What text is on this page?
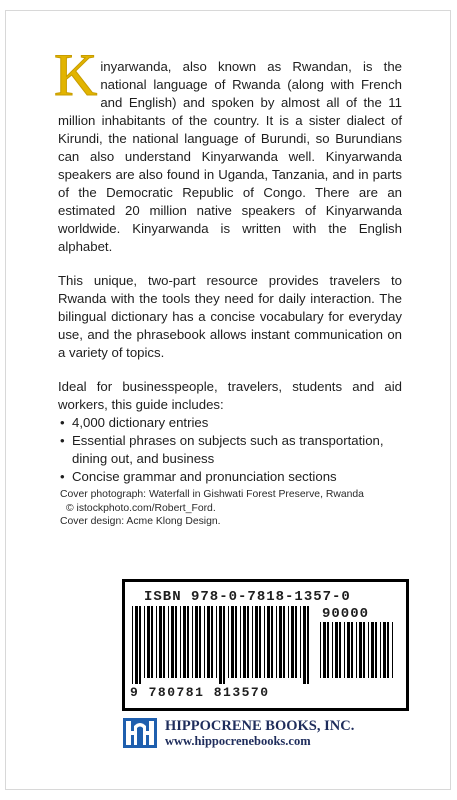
Kinyarwanda, also known as Rwandan, is the national language of Rwanda (along with French and English) and spoken by almost all of the 11 million inhabitants of the country. It is a sister dialect of Kirundi, the national language of Burundi, so Burundians can also understand Kinyarwanda well. Kinyarwanda speakers are also found in Uganda, Tanzania, and in parts of the Democratic Republic of Congo. There are an estimated 20 million native speakers of Kinyarwanda worldwide. Kinyarwanda is written with the English alphabet.

This unique, two-part resource provides travelers to Rwanda with the tools they need for daily interaction. The bilingual dictionary has a concise vocabulary for everyday use, and the phrasebook allows instant communication on a variety of topics.

Ideal for businesspeople, travelers, students and aid workers, this guide includes:

• 4,000 dictionary entries
• Essential phrases on subjects such as transportation, dining out, and business
• Concise grammar and pronunciation sections
Cover photograph: Waterfall in Gishwati Forest Preserve, Rwanda
© istockphoto.com/Robert_Ford.
Cover design: Acme Klong Design.
ISBN 978-0-7818-1357-0
90000
9 780781 813570
HIPPOCRENE BOOKS, INC.
www.hippocrenebooks.com
